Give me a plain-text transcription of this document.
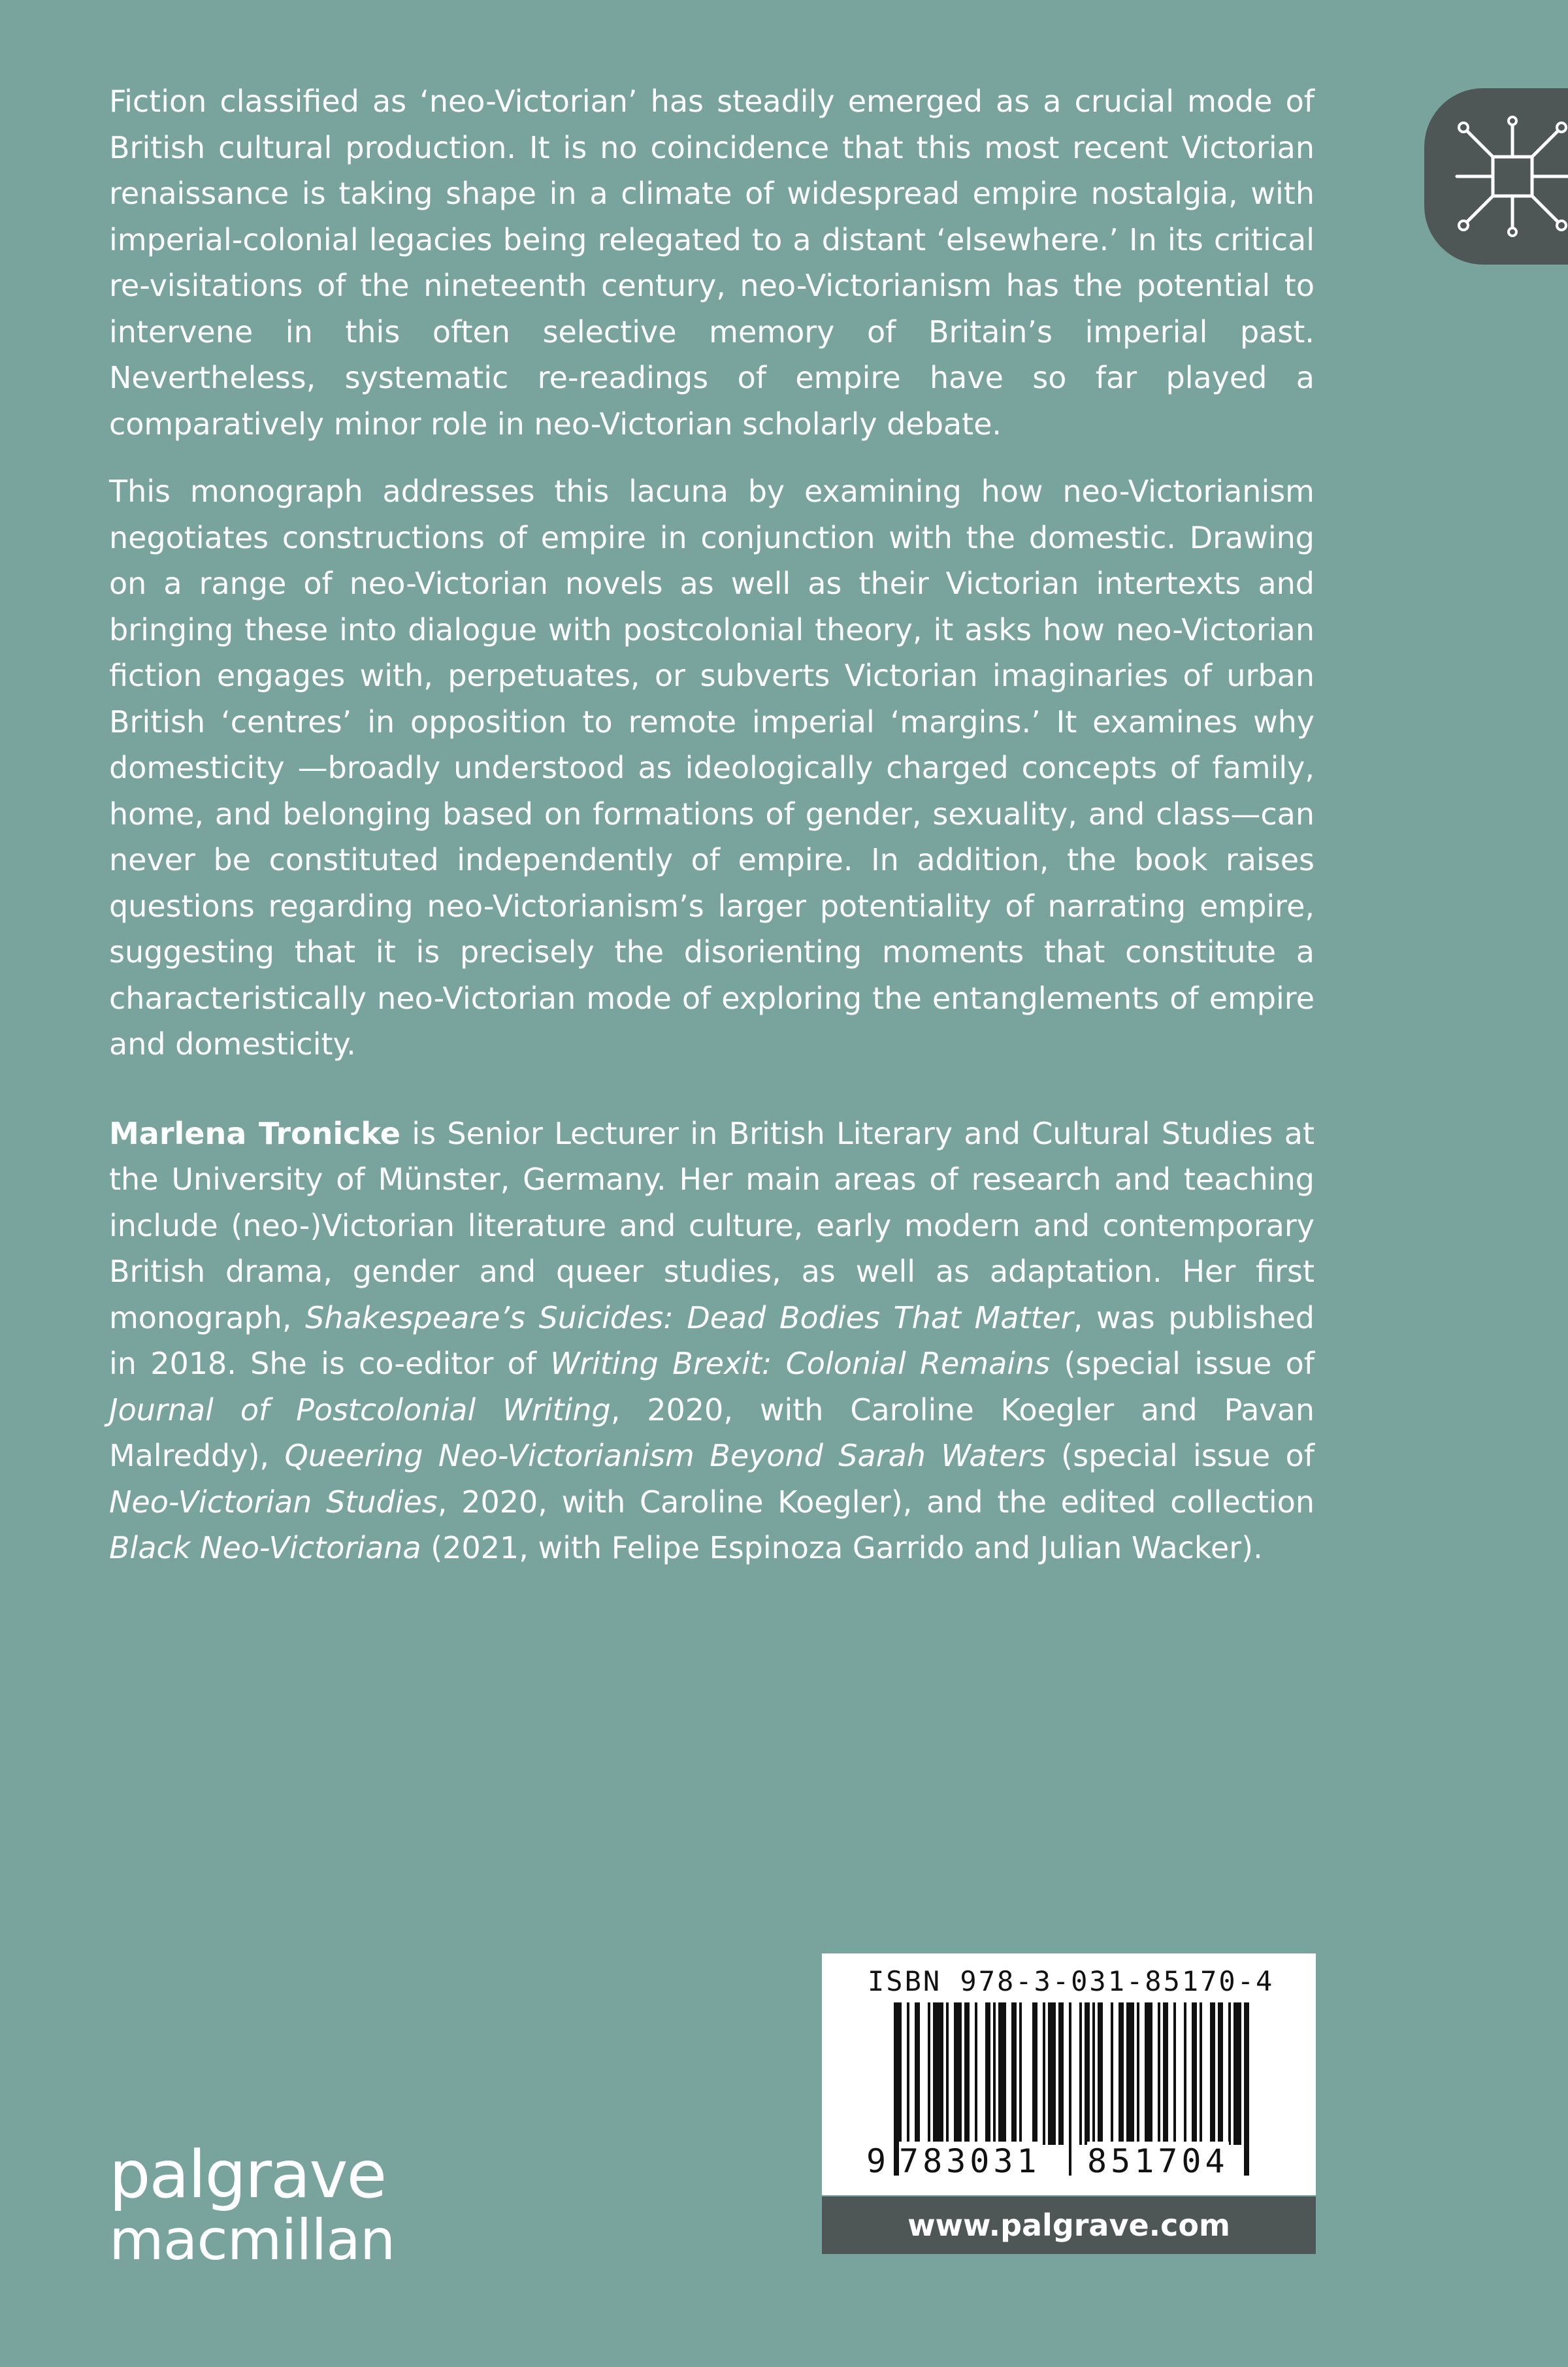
Fiction classified as ‘neo-Victorian’ has steadily emerged as a crucial mode of British cultural production. It is no coincidence that this most recent Victorian renaissance is taking shape in a climate of widespread empire nostalgia, with imperial-colonial legacies being relegated to a distant ‘elsewhere.’ In its critical re-visitations of the nineteenth century, neo-Victorianism has the potential to intervene in this often selective memory of Britain’s imperial past. Nevertheless, systematic re-readings of empire have so far played a comparatively minor role in neo-Victorian scholarly debate.

This monograph addresses this lacuna by examining how neo-Victorianism negotiates constructions of empire in conjunction with the domestic. Drawing on a range of neo-Victorian novels as well as their Victorian intertexts and bringing these into dialogue with postcolonial theory, it asks how neo-Victorian fiction engages with, perpetuates, or subverts Victorian imaginaries of urban British ‘centres’ in opposition to remote imperial ‘margins.’ It examines why domesticity —broadly understood as ideologically charged concepts of family, home, and belonging based on formations of gender, sexuality, and class—can never be constituted independently of empire. In addition, the book raises questions regarding neo-Victorianism’s larger potentiality of narrating empire, suggesting that it is precisely the disorienting moments that constitute a characteristically neo-Victorian mode of exploring the entanglements of empire and domesticity.

Marlena Tronicke is Senior Lecturer in British Literary and Cultural Studies at the University of Münster, Germany. Her main areas of research and teaching include (neo-)Victorian literature and culture, early modern and contemporary British drama, gender and queer studies, as well as adaptation. Her first monograph, Shakespeare’s Suicides: Dead Bodies That Matter, was published in 2018. She is co-editor of Writing Brexit: Colonial Remains (special issue of Journal of Postcolonial Writing, 2020, with Caroline Koegler and Pavan Malreddy), Queering Neo-Victorianism Beyond Sarah Waters (special issue of Neo-Victorian Studies, 2020, with Caroline Koegler), and the edited collection Black Neo-Victoriana (2021, with Felipe Espinoza Garrido and Julian Wacker).

palgrave
macmillan
ISBN 978-3-031-85170-4
9 783031 851704
www.palgrave.com
